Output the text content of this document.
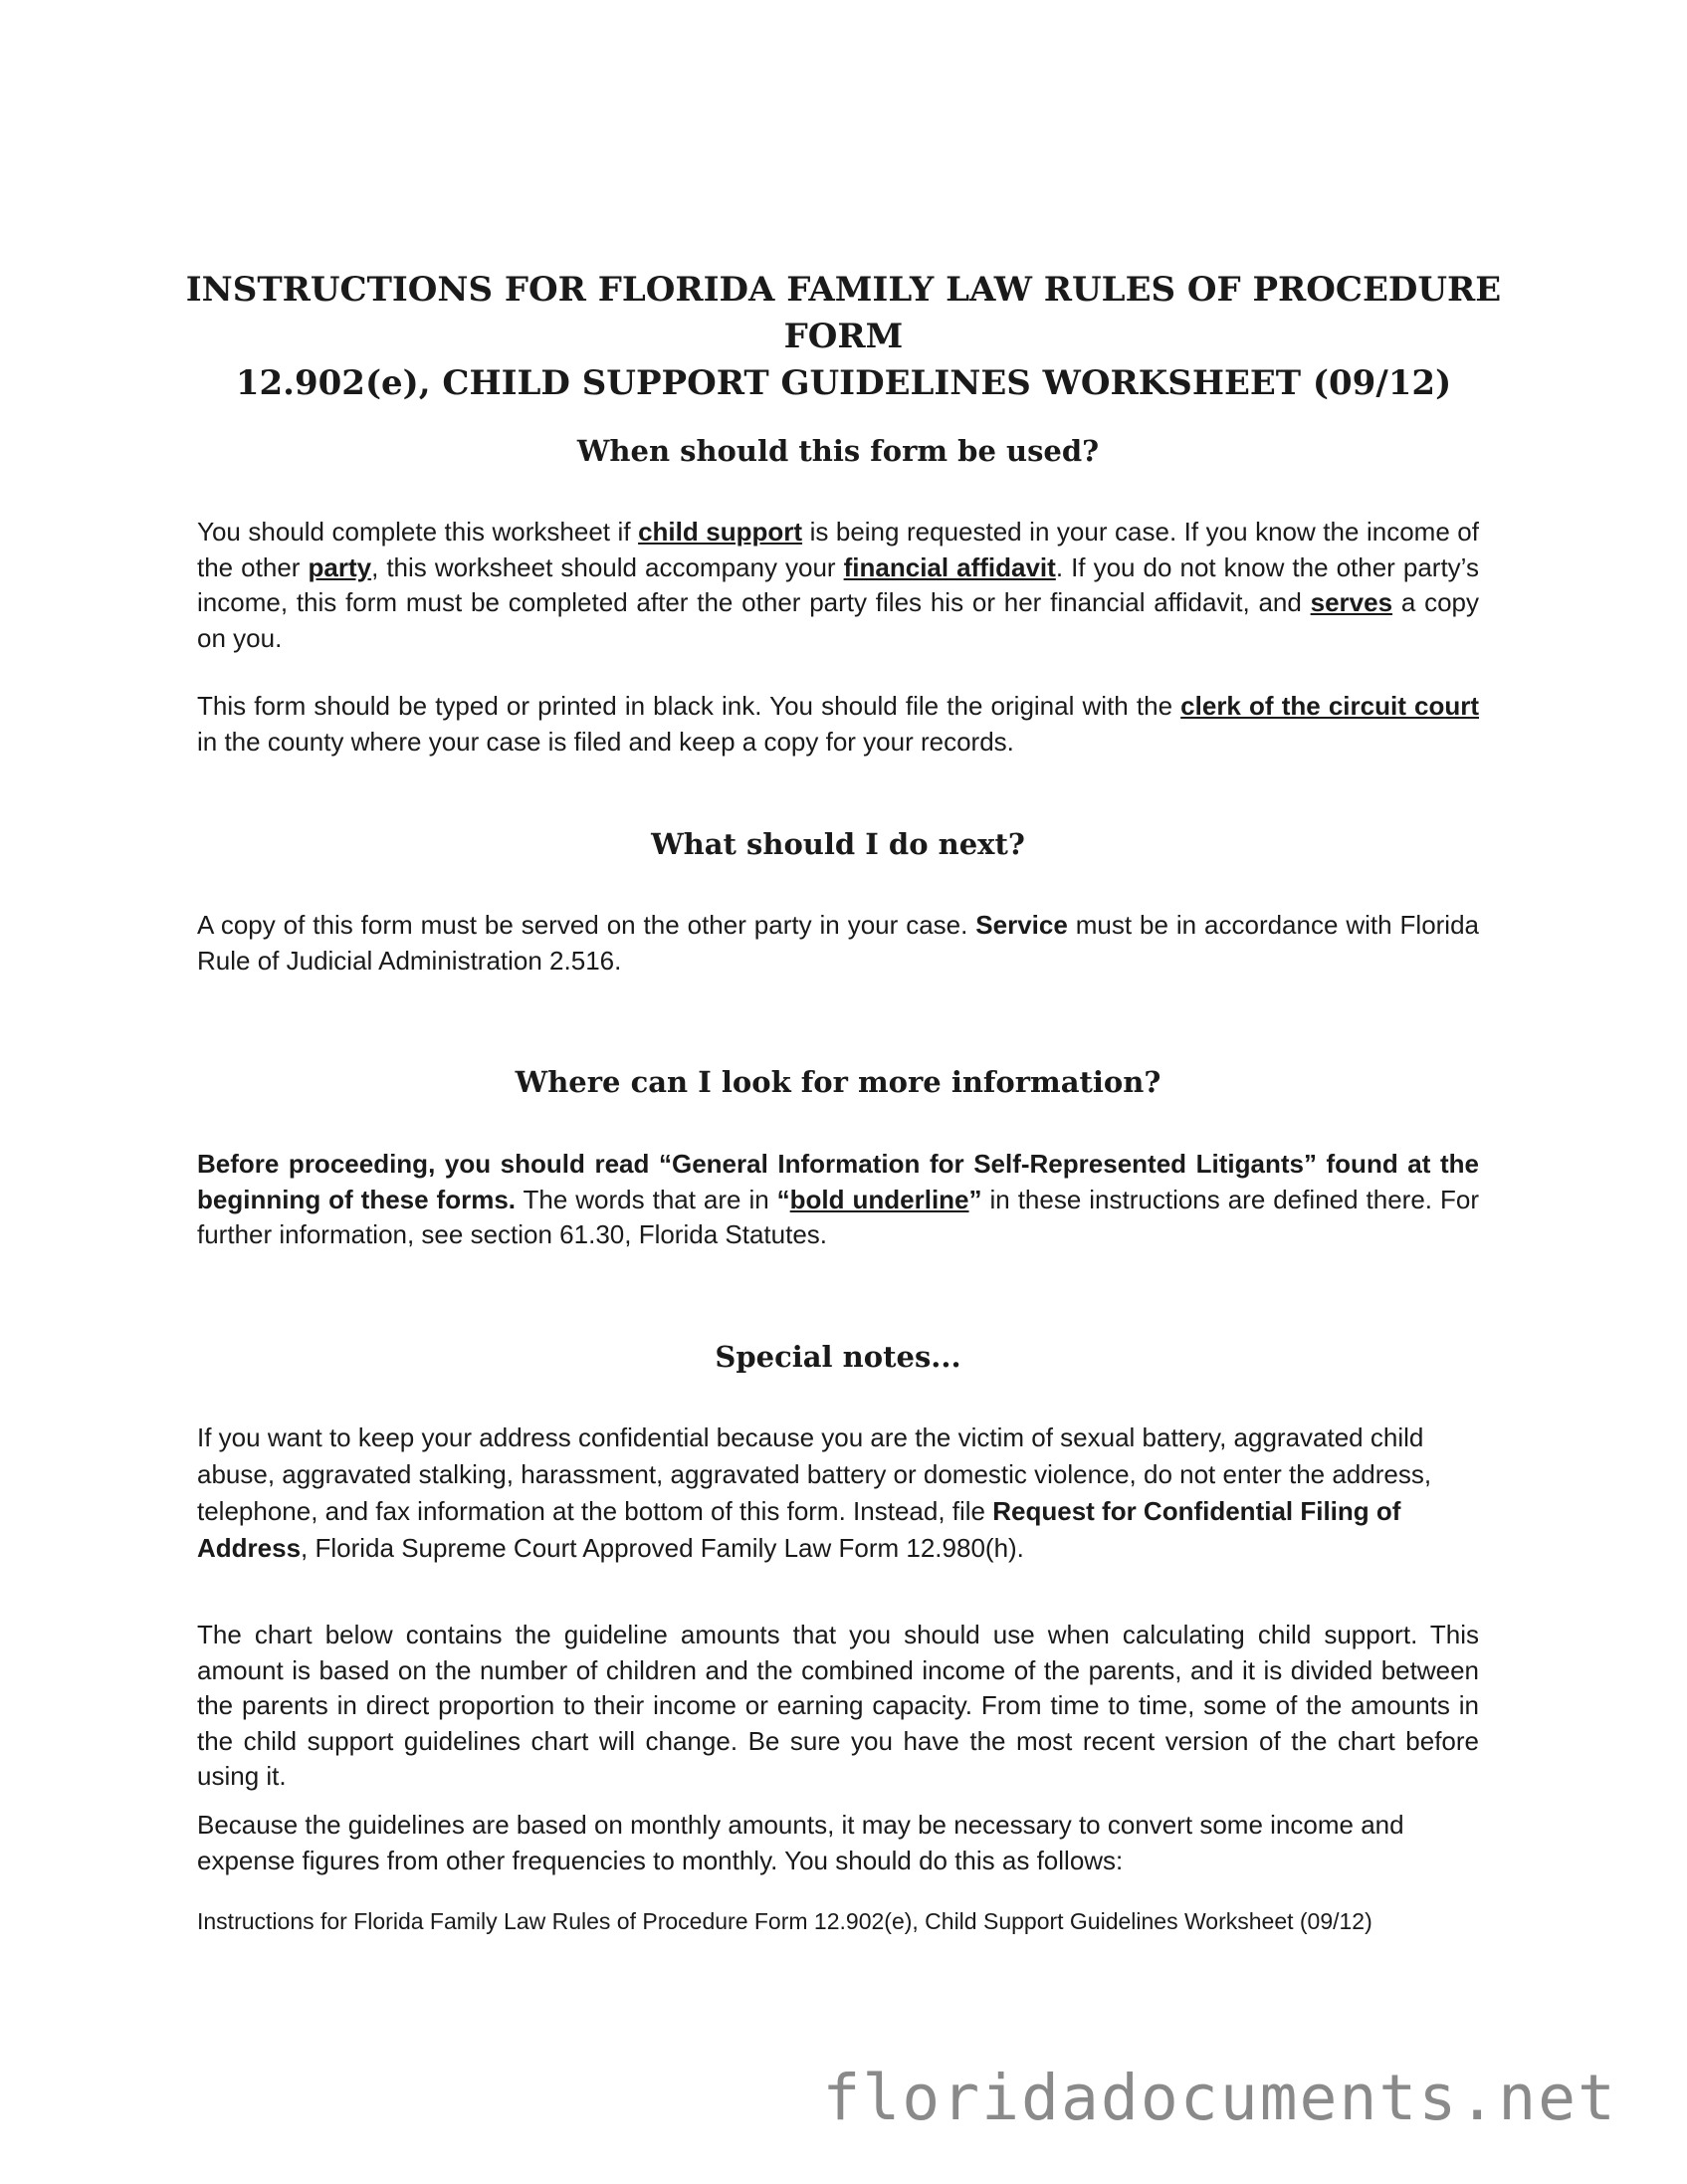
INSTRUCTIONS FOR FLORIDA FAMILY LAW RULES OF PROCEDURE FORM
12.902(e), CHILD SUPPORT GUIDELINES WORKSHEET (09/12)
When should this form be used?

You should complete this worksheet if child support is being requested in your case. If you know the income of the other party, this worksheet should accompany your financial affidavit. If you do not know the other party’s income, this form must be completed after the other party files his or her financial affidavit, and serves a copy on you.

This form should be typed or printed in black ink. You should file the original with the clerk of the circuit court in the county where your case is filed and keep a copy for your records.

What should I do next?

A copy of this form must be served on the other party in your case. Service must be in accordance with Florida Rule of Judicial Administration 2.516.

Where can I look for more information?

Before proceeding, you should read “General Information for Self-Represented Litigants” found at the beginning of these forms. The words that are in “bold underline” in these instructions are defined there. For further information, see section 61.30, Florida Statutes.

Special notes...

If you want to keep your address confidential because you are the victim of sexual battery, aggravated child abuse, aggravated stalking, harassment, aggravated battery or domestic violence, do not enter the address, telephone, and fax information at the bottom of this form. Instead, file Request for Confidential Filing of Address, Florida Supreme Court Approved Family Law Form 12.980(h).

The chart below contains the guideline amounts that you should use when calculating child support. This amount is based on the number of children and the combined income of the parents, and it is divided between the parents in direct proportion to their income or earning capacity. From time to time, some of the amounts in the child support guidelines chart will change. Be sure you have the most recent version of the chart before using it.

Because the guidelines are based on monthly amounts, it may be necessary to convert some income and expense figures from other frequencies to monthly. You should do this as follows:

Instructions for Florida Family Law Rules of Procedure Form 12.902(e), Child Support Guidelines Worksheet (09/12)

floridadocuments.net
